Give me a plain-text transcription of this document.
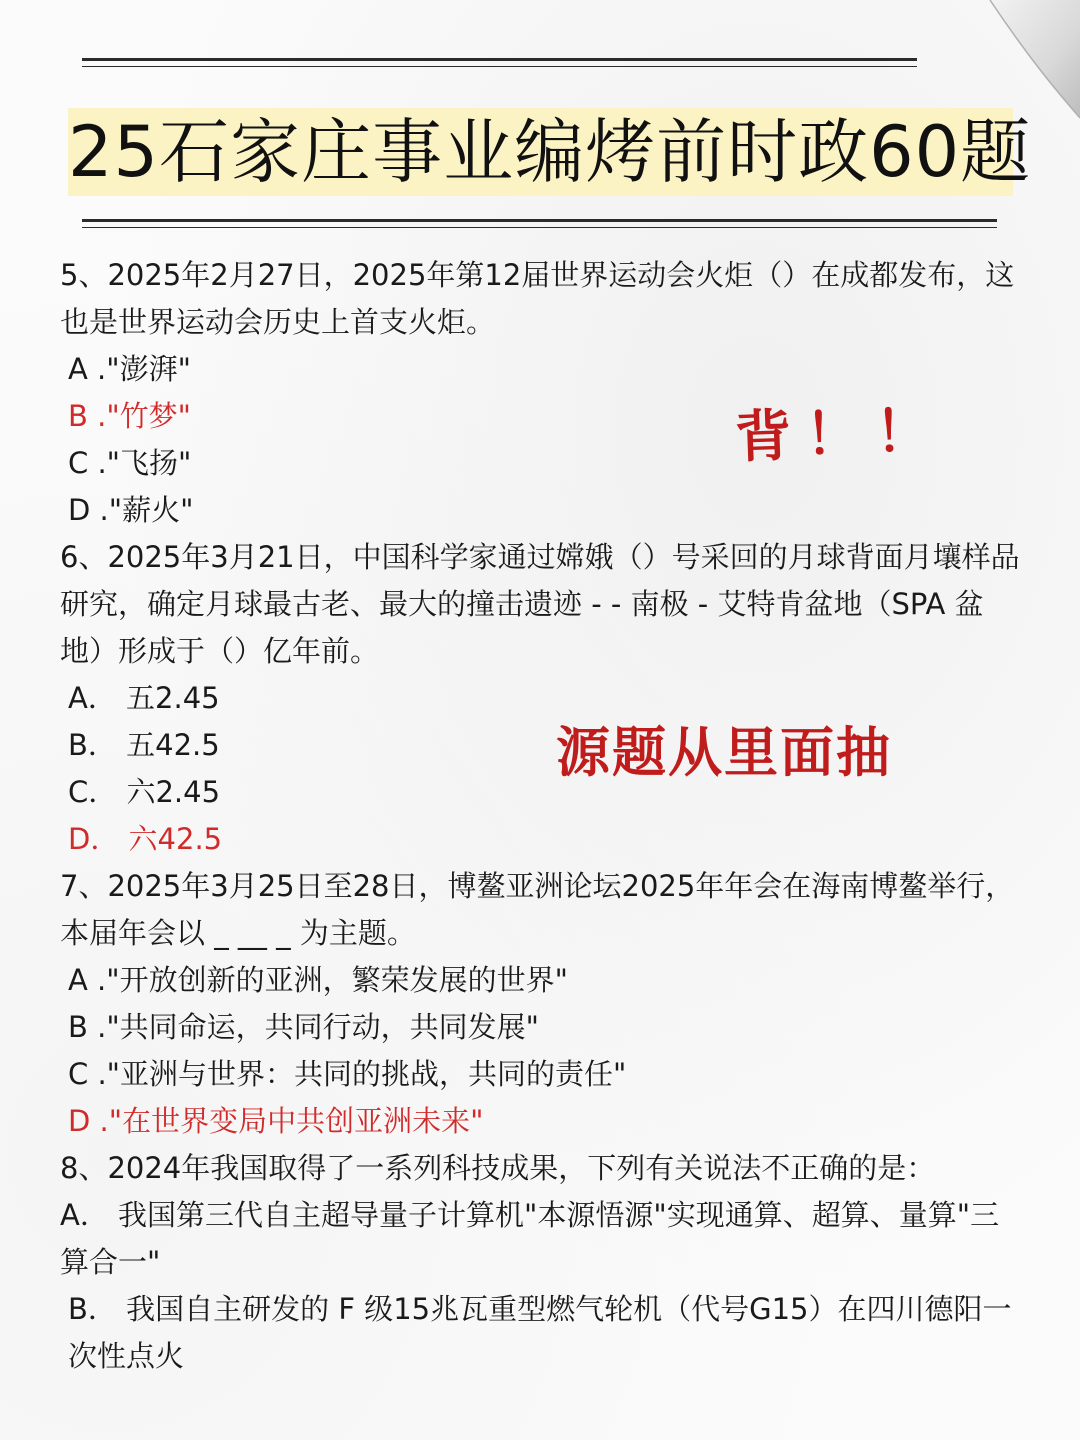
25石家庄事业编烤前时政60题

5、2025年2月27日，2025年第12届世界运动会火炬（）在成都发布，这也是世界运动会历史上首支火炬。

A ."澎湃"

B ."竹梦"

C ."飞扬"

D ."薪火"

6、2025年3月21日，中国科学家通过嫦娥（）号采回的月球背面月壤样品研究，确定月球最古老、最大的撞击遗迹 - - 南极 - 艾特肯盆地（SPA 盆地）形成于（）亿年前。

A． 五2.45

B． 五42.5

C． 六2.45

D． 六42.5

7、2025年3月25日至28日，博鳌亚洲论坛2025年年会在海南博鳌举行，本届年会以 _ __ _ 为主题。

A ."开放创新的亚洲，繁荣发展的世界"

B ."共同命运，共同行动，共同发展"

C ."亚洲与世界：共同的挑战，共同的责任"

D ."在世界变局中共创亚洲未来"

8、2024年我国取得了一系列科技成果，下列有关说法不正确的是：

A． 我国第三代自主超导量子计算机"本源悟源"实现通算、超算、量算"三算合一"

B． 我国自主研发的 F 级15兆瓦重型燃气轮机（代号G15）在四川德阳一次性点火

背！！
源题从里面抽
